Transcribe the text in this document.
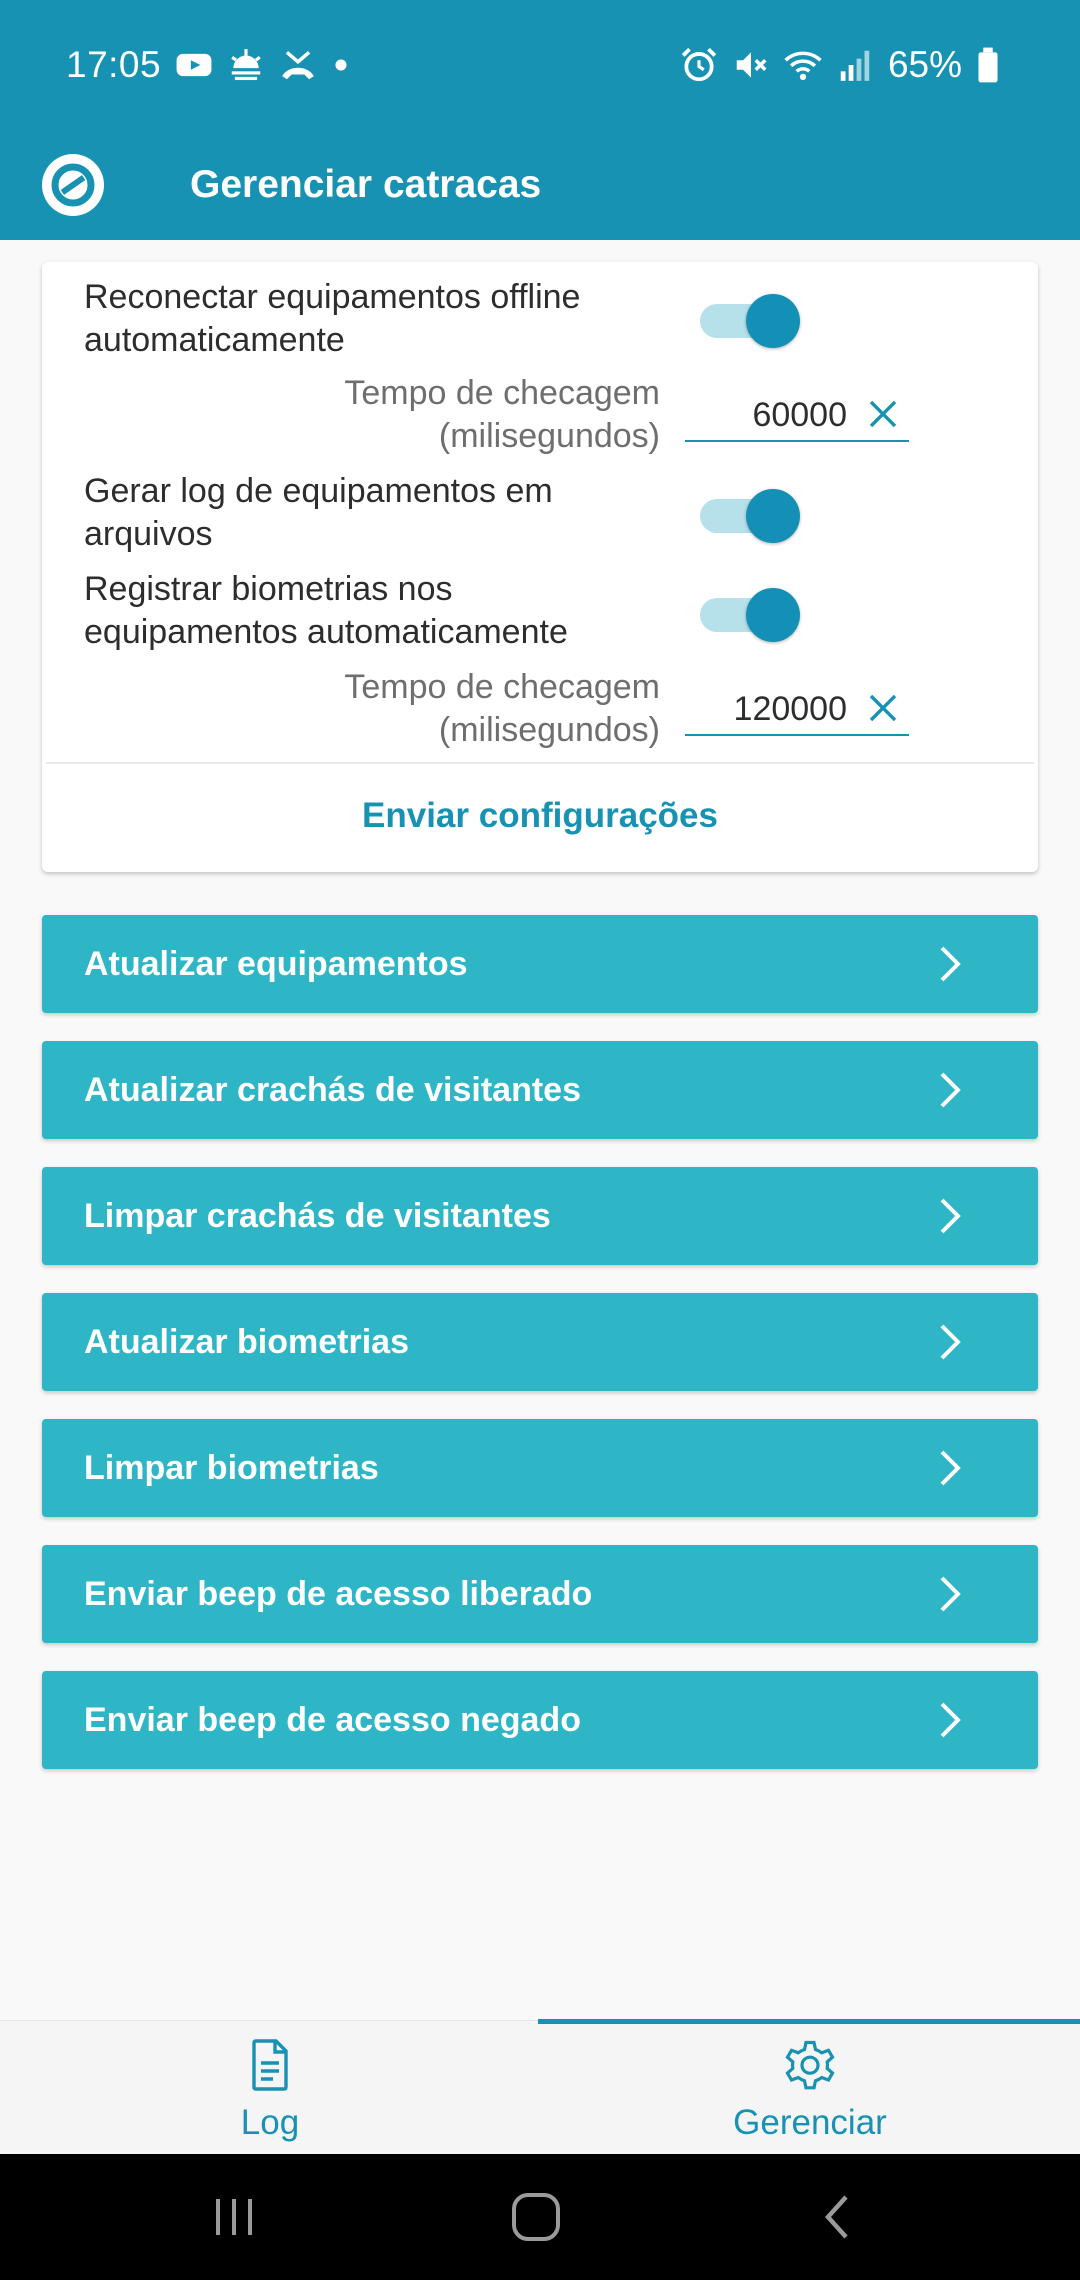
17:05	65%
Gerenciar catracas
Reconectar equipamentos offline automaticamente
Tempo de checagem
(milisegundos)
60000
Gerar log de equipamentos em arquivos
Registrar biometrias nos equipamentos automaticamente
Tempo de checagem
(milisegundos)
120000
Enviar configurações
Atualizar equipamentos
Atualizar crachás de visitantes
Limpar crachás de visitantes
Atualizar biometrias
Limpar biometrias
Enviar beep de acesso liberado
Enviar beep de acesso negado
Log	Gerenciar
